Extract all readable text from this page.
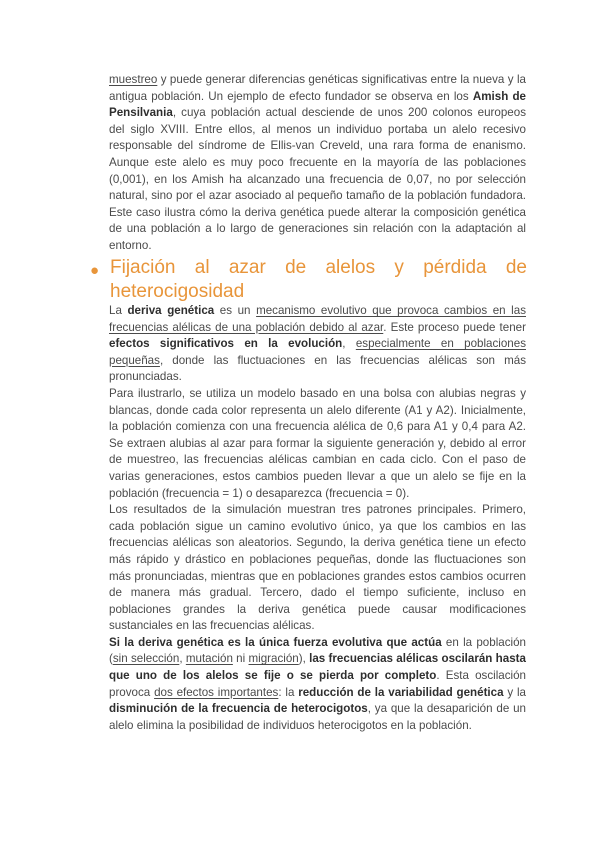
muestreo y puede generar diferencias genéticas significativas entre la nueva y la antigua población. Un ejemplo de efecto fundador se observa en los Amish de Pensilvania, cuya población actual desciende de unos 200 colonos europeos del siglo XVIII. Entre ellos, al menos un individuo portaba un alelo recesivo responsable del síndrome de Ellis-van Creveld, una rara forma de enanismo. Aunque este alelo es muy poco frecuente en la mayoría de las poblaciones (0,001), en los Amish ha alcanzado una frecuencia de 0,07, no por selección natural, sino por el azar asociado al pequeño tamaño de la población fundadora. Este caso ilustra cómo la deriva genética puede alterar la composición genética de una población a lo largo de generaciones sin relación con la adaptación al entorno.

● Fijación al azar de alelos y pérdida de heterocigosidad

La deriva genética es un mecanismo evolutivo que provoca cambios en las frecuencias alélicas de una población debido al azar. Este proceso puede tener efectos significativos en la evolución, especialmente en poblaciones pequeñas, donde las fluctuaciones en las frecuencias alélicas son más pronunciadas.

Para ilustrarlo, se utiliza un modelo basado en una bolsa con alubias negras y blancas, donde cada color representa un alelo diferente (A1 y A2). Inicialmente, la población comienza con una frecuencia alélica de 0,6 para A1 y 0,4 para A2. Se extraen alubias al azar para formar la siguiente generación y, debido al error de muestreo, las frecuencias alélicas cambian en cada ciclo. Con el paso de varias generaciones, estos cambios pueden llevar a que un alelo se fije en la población (frecuencia = 1) o desaparezca (frecuencia = 0).

Los resultados de la simulación muestran tres patrones principales. Primero, cada población sigue un camino evolutivo único, ya que los cambios en las frecuencias alélicas son aleatorios. Segundo, la deriva genética tiene un efecto más rápido y drástico en poblaciones pequeñas, donde las fluctuaciones son más pronunciadas, mientras que en poblaciones grandes estos cambios ocurren de manera más gradual. Tercero, dado el tiempo suficiente, incluso en poblaciones grandes la deriva genética puede causar modificaciones sustanciales en las frecuencias alélicas.

Si la deriva genética es la única fuerza evolutiva que actúa en la población (sin selección, mutación ni migración), las frecuencias alélicas oscilarán hasta que uno de los alelos se fije o se pierda por completo. Esta oscilación provoca dos efectos importantes: la reducción de la variabilidad genética y la disminución de la frecuencia de heterocigotos, ya que la desaparición de un alelo elimina la posibilidad de individuos heterocigotos en la población.
